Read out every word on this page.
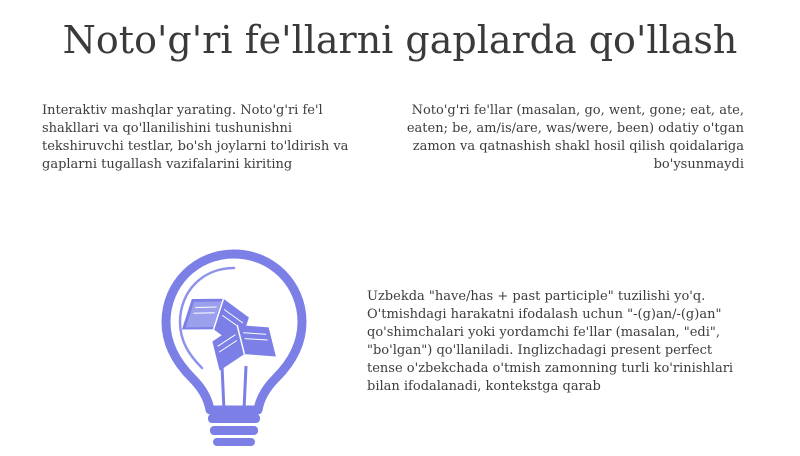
Noto'g'ri fe'llarni gaplarda qo'llash

Interaktiv mashqlar yarating. Noto'g'ri fe'l shakllari va qo'llanilishini tushunishni tekshiruvchi testlar, bo'sh joylarni to'ldirish va gaplarni tugallash vazifalarini kiriting

Noto'g'ri fe'llar (masalan, go, went, gone; eat, ate, eaten; be, am/is/are, was/were, been) odatiy o'tgan zamon va qatnashish shakl hosil qilish qoidalariga bo'ysunmaydi

Uzbekda "have/has + past participle" tuzilishi yo'q. O'tmishdagi harakatni ifodalash uchun "-(g)an/-(g)an" qo'shimchalari yoki yordamchi fe'llar (masalan, "edi", "bo'lgan") qo'llaniladi. Inglizchadagi present perfect tense o'zbekchada o'tmish zamonning turli ko'rinishlari bilan ifodalanadi, kontekstga qarab
